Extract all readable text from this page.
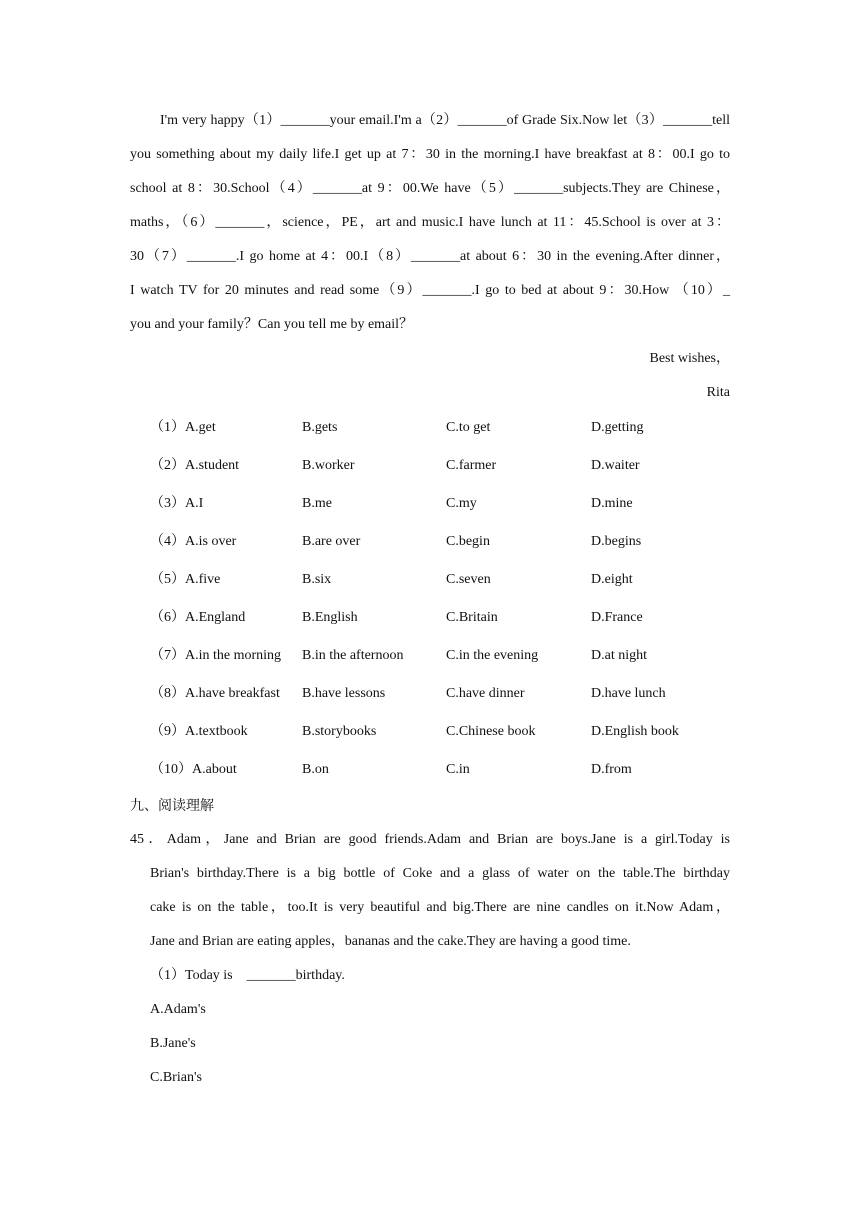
I'm very happy（1）_______your email.I'm a（2）_______of Grade Six.Now let（3）_______tell
you something about my daily life.I get up at 7：30 in the morning.I have breakfast at 8：00.I go to
school at 8：30.School（4）_______at 9：00.We have（5）_______subjects.They are Chinese，
maths，（6）_______，science，PE，art and music.I have lunch at 11：45.School is over at 3：
30（7）_______.I go home at 4：00.I（8）_______at about 6：30 in the evening.After dinner，
I watch TV for 20 minutes and read some（9）_______.I go to bed at about 9：30.How （10）_
you and your family？Can you tell me by email？
Best wishes，
Rita
（1）A.get	B.gets	C.to get	D.getting
（2）A.student	B.worker	C.farmer	D.waiter
（3）A.I	B.me	C.my	D.mine
（4）A.is over	B.are over	C.begin	D.begins
（5）A.five	B.six	C.seven	D.eight
（6）A.England	B.English	C.Britain	D.France
（7）A.in the morning B.in the afternoon	C.in the evening	D.at night
（8）A.have breakfast B.have lessons	C.have dinner	D.have lunch
（9）A.textbook	B.storybooks	C.Chinese book	D.English book
（10）A.about	B.on	C.in	D.from
九、阅读理解
45．Adam，Jane and Brian are good friends.Adam and Brian are boys.Jane is a girl.Today is
Brian's birthday.There is a big bottle of Coke and a glass of water on the table.The birthday
cake is on the table，too.It is very beautiful and big.There are nine candles on it.Now Adam，
Jane and Brian are eating apples，bananas and the cake.They are having a good time.
（1）Today is　_______birthday.
A.Adam's
B.Jane's
C.Brian's
